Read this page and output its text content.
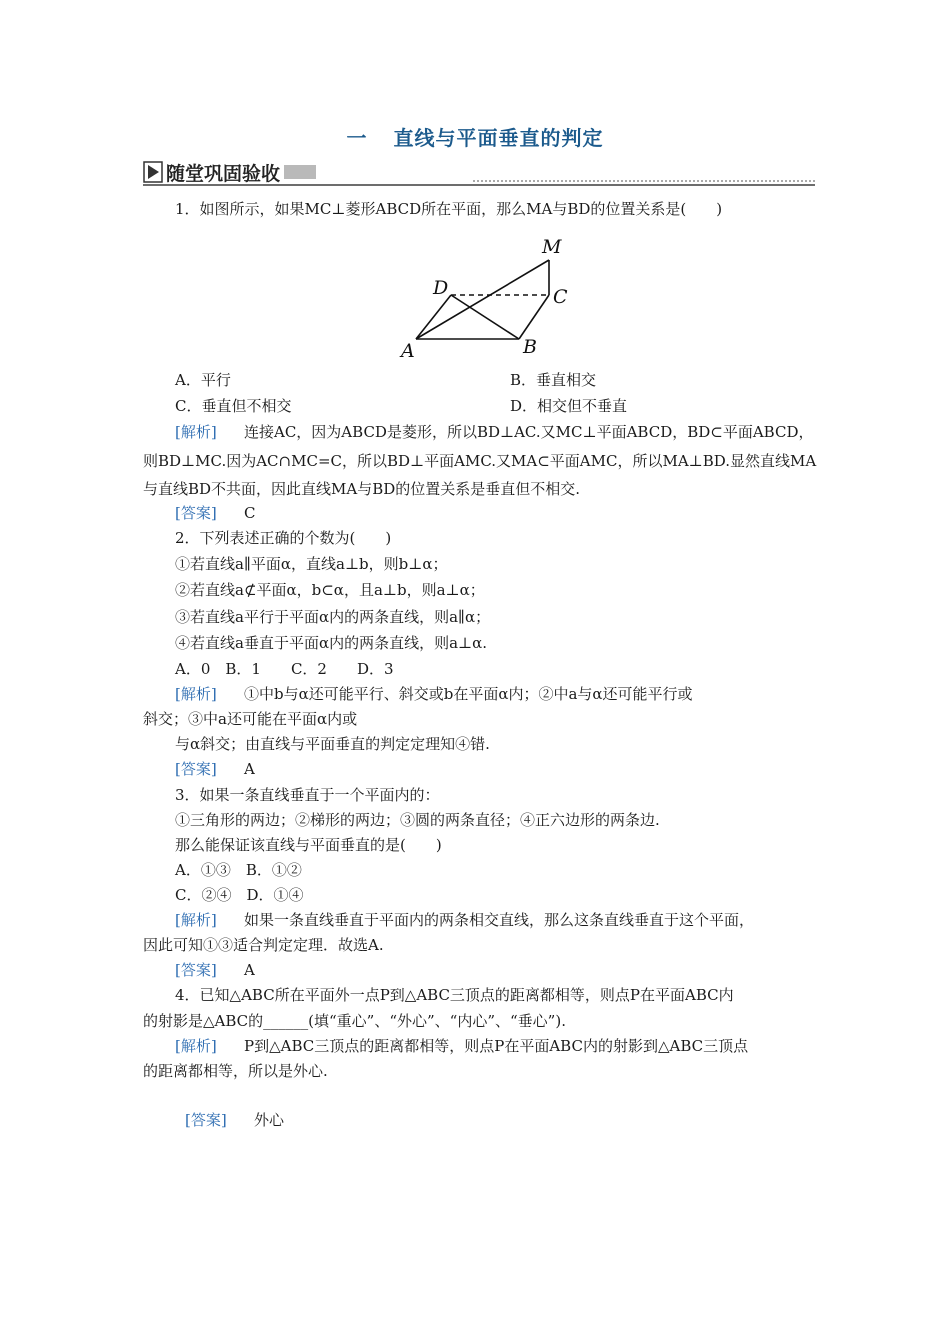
一 直线与平面垂直的判定
随堂巩固验收
1．如图所示，如果MC⊥菱形ABCD所在平面，那么MA与BD的位置关系是(　　)
M
D	C
A	B
A．平行	B．垂直相交
C．垂直但不相交	D．相交但不垂直
[解析] 连接AC，因为ABCD是菱形，所以BD⊥AC.又MC⊥平面ABCD，BD⊂平面ABCD，
则BD⊥MC.因为AC∩MC=C，所以BD⊥平面AMC.又MA⊂平面AMC，所以MA⊥BD.显然直线MA
与直线BD不共面，因此直线MA与BD的位置关系是垂直但不相交.
[答案] C
2．下列表述正确的个数为(　　)
①若直线a∥平面α，直线a⊥b，则b⊥α；
②若直线a⊄平面α，b⊂α，且a⊥b，则a⊥α；
③若直线a平行于平面α内的两条直线，则a∥α；
④若直线a垂直于平面α内的两条直线，则a⊥α.
A．0　B．1　　C．2　　D．3
[解析] ①中b与α还可能平行、斜交或b在平面α内；②中a与α还可能平行或
斜交；③中a还可能在平面α内或
与α斜交；由直线与平面垂直的判定定理知④错.
[答案] A
3．如果一条直线垂直于一个平面内的：
①三角形的两边；②梯形的两边；③圆的两条直径；④正六边形的两条边.
那么能保证该直线与平面垂直的是(　　)
A．①③　B．①②
C．②④　D．①④
[解析] 如果一条直线垂直于平面内的两条相交直线，那么这条直线垂直于这个平面，
因此可知①③适合判定定理．故选A.
[答案] A
4．已知△ABC所在平面外一点P到△ABC三顶点的距离都相等，则点P在平面ABC内
的射影是△ABC的______(填“重心”、“外心”、“内心”、“垂心”).
[解析] P到△ABC三顶点的距离都相等，则点P在平面ABC内的射影到△ABC三顶点
的距离都相等，所以是外心.
[答案] 外心
